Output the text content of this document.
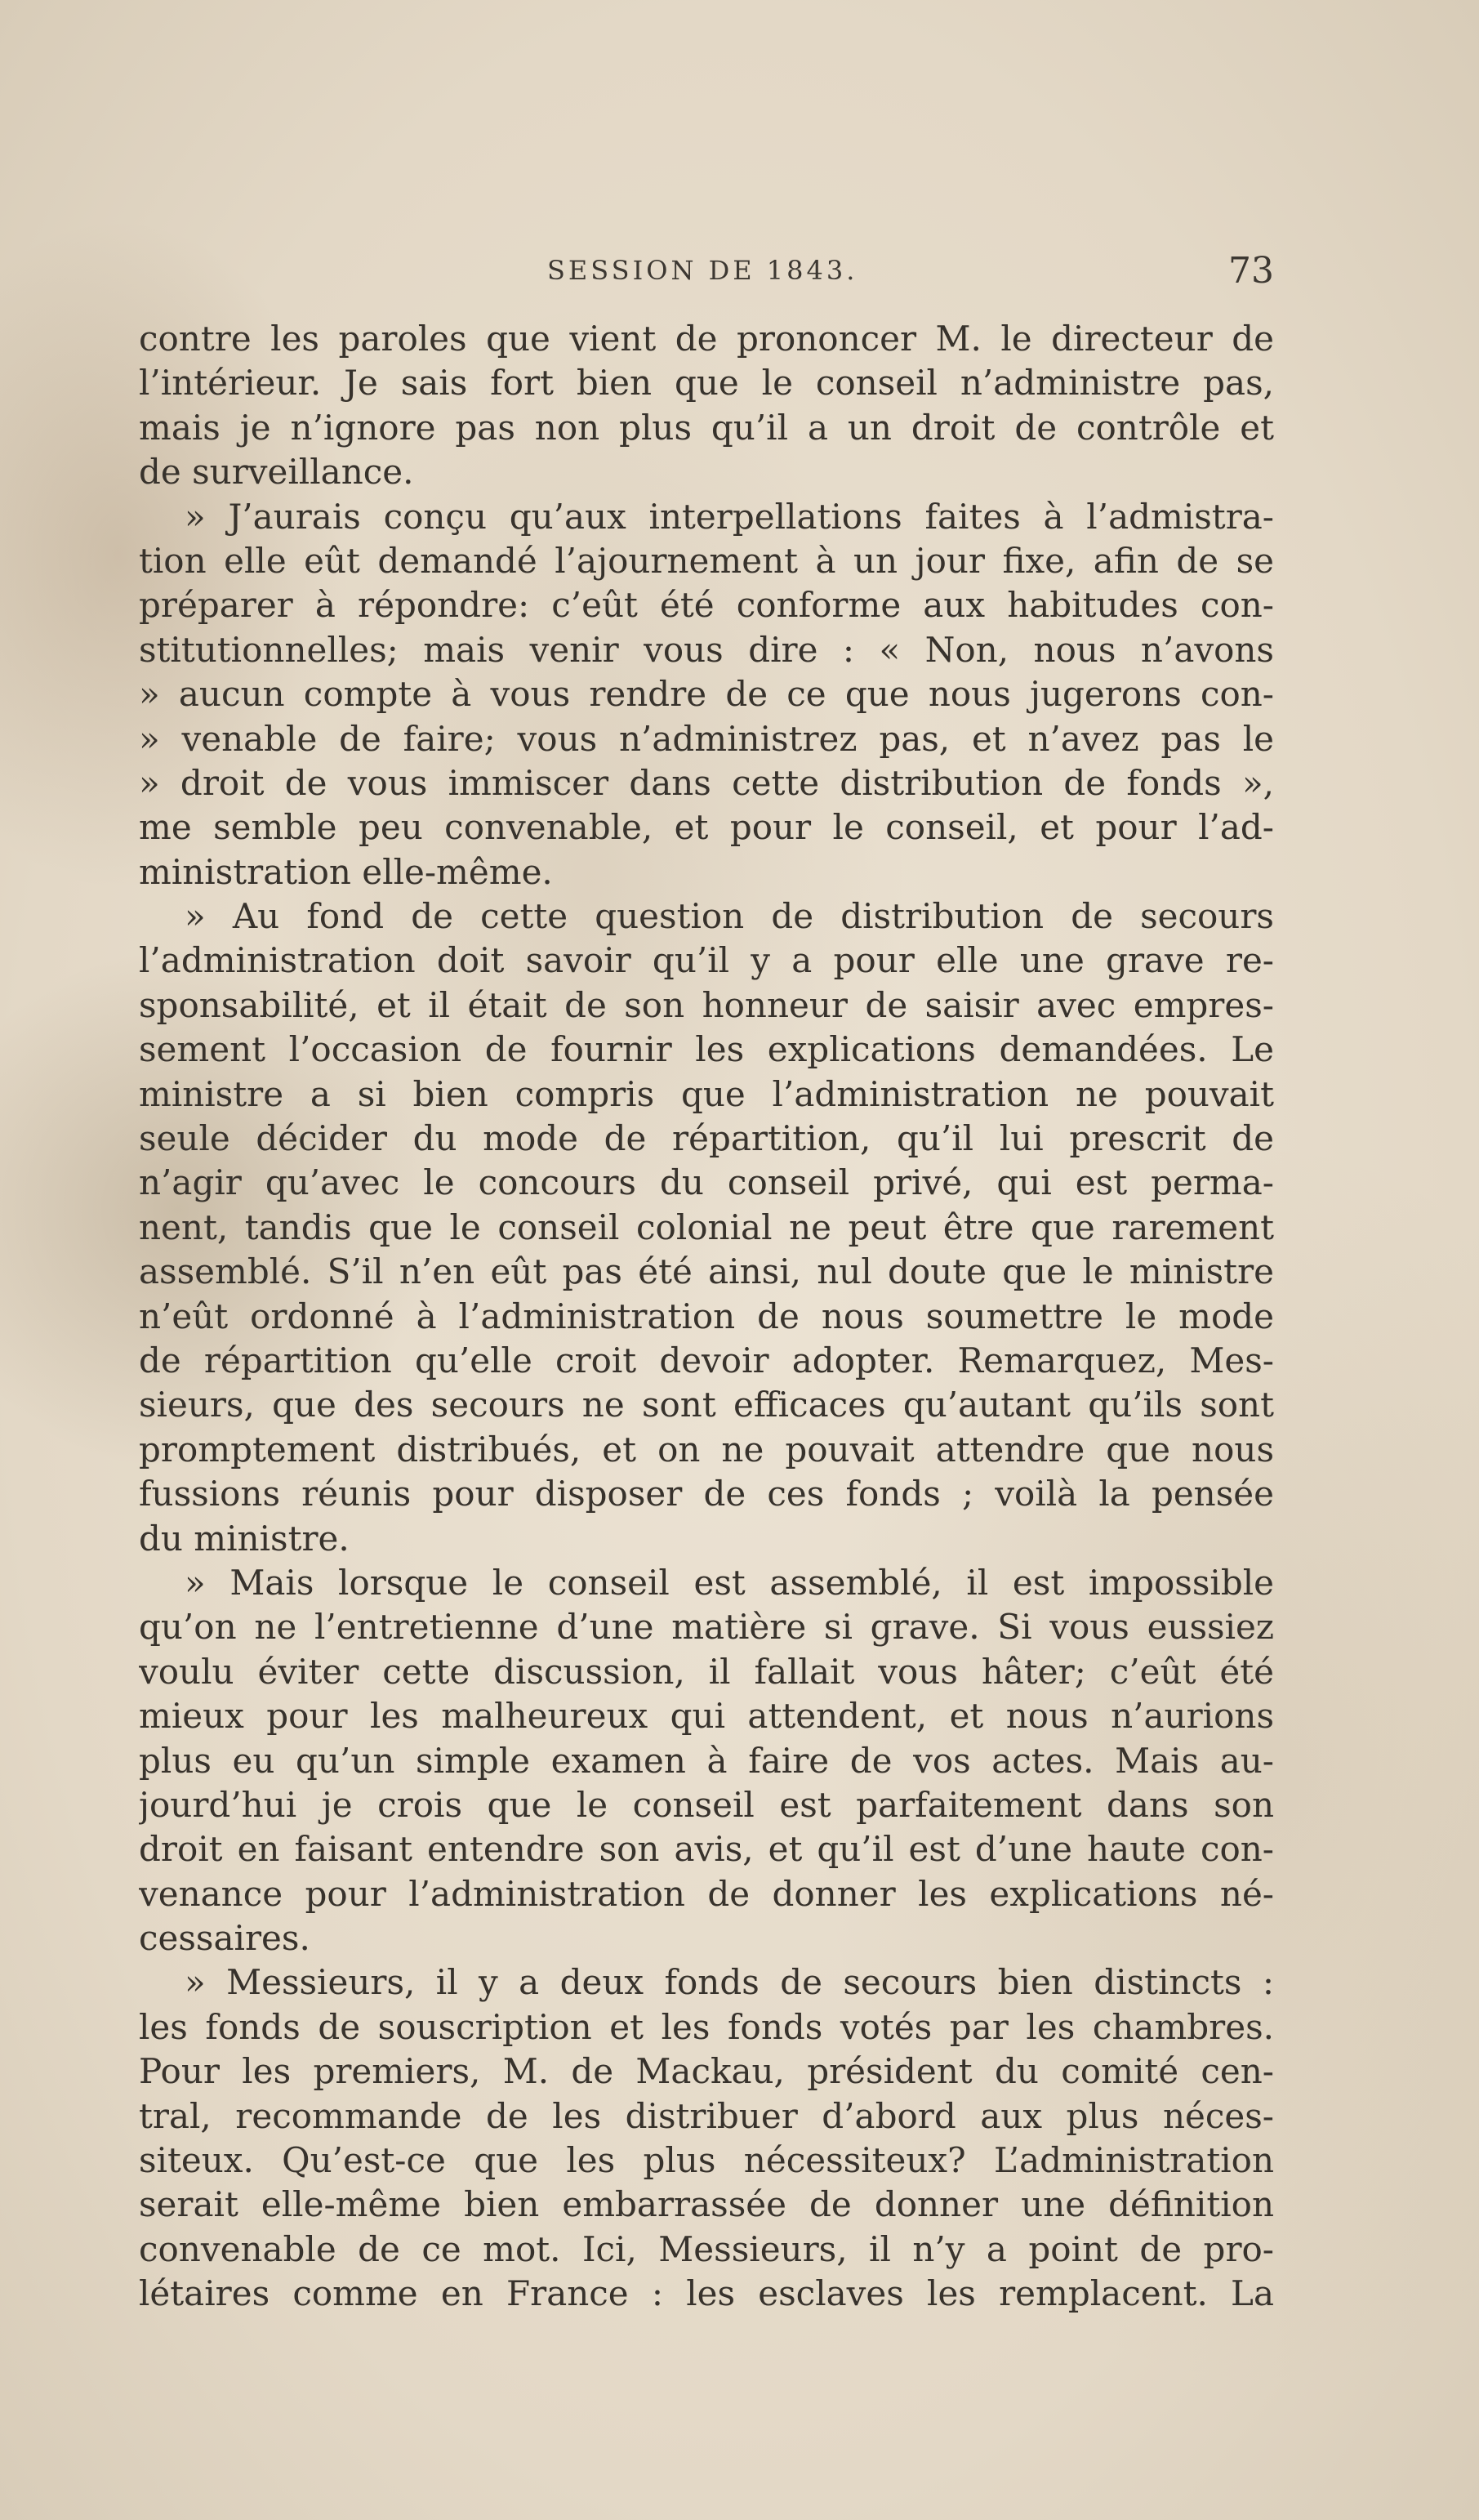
SESSION DE 1843.	73
contre les paroles que vient de prononcer M. le directeur de
l’intérieur. Je sais fort bien que le conseil n’administre pas,
mais je n’ignore pas non plus qu’il a un droit de contrôle et
de surveillance.
» J’aurais conçu qu’aux interpellations faites à l’admistra-
tion elle eût demandé l’ajournement à un jour fixe, afin de se
préparer à répondre: c’eût été conforme aux habitudes con-
stitutionnelles; mais venir vous dire : « Non, nous n’avons
» aucun compte à vous rendre de ce que nous jugerons con-
» venable de faire; vous n’administrez pas, et n’avez pas le
» droit de vous immiscer dans cette distribution de fonds »,
me semble peu convenable, et pour le conseil, et pour l’ad-
ministration elle-même.
» Au fond de cette question de distribution de secours
l’administration doit savoir qu’il y a pour elle une grave re-
sponsabilité, et il était de son honneur de saisir avec empres-
sement l’occasion de fournir les explications demandées. Le
ministre a si bien compris que l’administration ne pouvait
seule décider du mode de répartition, qu’il lui prescrit de
n’agir qu’avec le concours du conseil privé, qui est perma-
nent, tandis que le conseil colonial ne peut être que rarement
assemblé. S’il n’en eût pas été ainsi, nul doute que le ministre
n’eût ordonné à l’administration de nous soumettre le mode
de répartition qu’elle croit devoir adopter. Remarquez, Mes-
sieurs, que des secours ne sont efficaces qu’autant qu’ils sont
promptement distribués, et on ne pouvait attendre que nous
fussions réunis pour disposer de ces fonds ; voilà la pensée
du ministre.
» Mais lorsque le conseil est assemblé, il est impossible
qu’on ne l’entretienne d’une matière si grave. Si vous eussiez
voulu éviter cette discussion, il fallait vous hâter; c’eût été
mieux pour les malheureux qui attendent, et nous n’aurions
plus eu qu’un simple examen à faire de vos actes. Mais au-
jourd’hui je crois que le conseil est parfaitement dans son
droit en faisant entendre son avis, et qu’il est d’une haute con-
venance pour l’administration de donner les explications né-
cessaires.
» Messieurs, il y a deux fonds de secours bien distincts :
les fonds de souscription et les fonds votés par les chambres.
Pour les premiers, M. de Mackau, président du comité cen-
tral, recommande de les distribuer d’abord aux plus néces-
siteux. Qu’est-ce que les plus nécessiteux? L’administration
serait elle-même bien embarrassée de donner une définition
convenable de ce mot. Ici, Messieurs, il n’y a point de pro-
létaires comme en France : les esclaves les remplacent. La
